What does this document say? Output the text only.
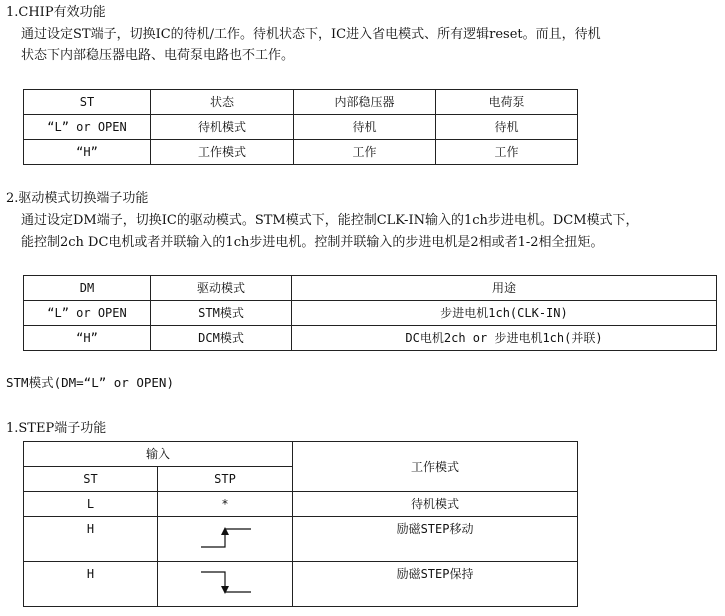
1.CHIP有效功能
通过设定ST端子，切换IC的待机/工作。待机状态下，IC进入省电模式、所有逻辑reset。而且，待机
状态下内部稳压器电路、电荷泵电路也不工作。
ST	状态	内部稳压器	电荷泵
“L” or OPEN	待机模式	待机	待机
“H”	工作模式	工作	工作
2.驱动模式切换端子功能
通过设定DM端子，切换IC的驱动模式。STM模式下，能控制CLK-IN输入的1ch步进电机。DCM模式下，
能控制2ch DC电机或者并联输入的1ch步进电机。控制并联输入的步进电机是2相或者1-2相全扭矩。
DM	驱动模式	用途
“L” or OPEN	STM模式	步进电机1ch(CLK-IN)
“H”	DCM模式	DC电机2ch or 步进电机1ch(并联)
STM模式(DM=“L” or OPEN)
1.STEP端子功能
输入		工作模式
ST	STP	
L	*	待机模式
H		励磁STEP移动
H		励磁STEP保持
